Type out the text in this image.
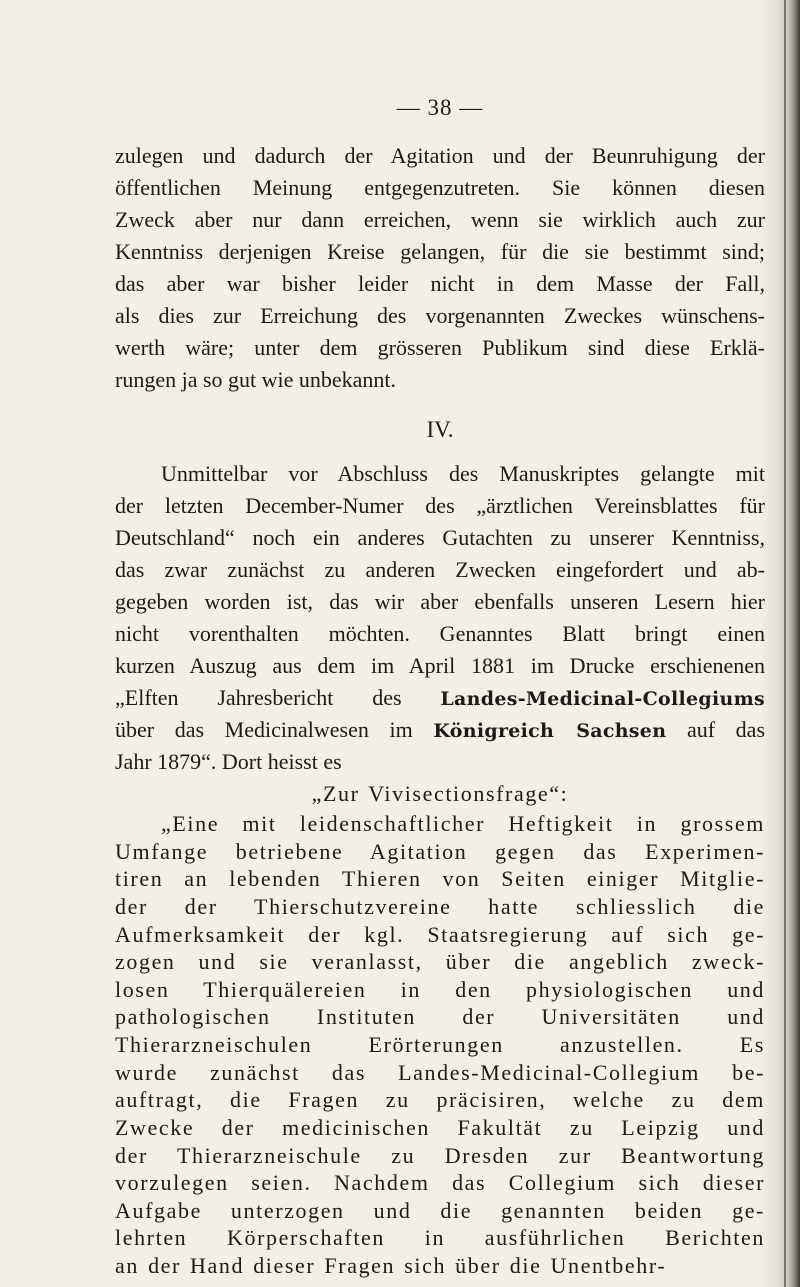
— 38 —
zulegen und dadurch der Agitation und der Beunruhigung der
öffentlichen Meinung entgegenzutreten. Sie können diesen
Zweck aber nur dann erreichen, wenn sie wirklich auch zur
Kenntniss derjenigen Kreise gelangen, für die sie bestimmt sind;
das aber war bisher leider nicht in dem Masse der Fall,
als dies zur Erreichung des vorgenannten Zweckes wünschens-
werth wäre; unter dem grösseren Publikum sind diese Erklä-
rungen ja so gut wie unbekannt.
IV.
Unmittelbar vor Abschluss des Manuskriptes gelangte mit
der letzten December-Numer des „ärztlichen Vereinsblattes für
Deutschland“ noch ein anderes Gutachten zu unserer Kenntniss,
das zwar zunächst zu anderen Zwecken eingefordert und ab-
gegeben worden ist, das wir aber ebenfalls unseren Lesern hier
nicht vorenthalten möchten. Genanntes Blatt bringt einen
kurzen Auszug aus dem im April 1881 im Drucke erschienenen
„Elften Jahresbericht des Landes-Medicinal-Collegiums
über das Medicinalwesen im Königreich Sachsen auf das
Jahr 1879“. Dort heisst es
„Zur Vivisectionsfrage“:
„Eine mit leidenschaftlicher Heftigkeit in grossem
Umfange betriebene Agitation gegen das Experimen-
tiren an lebenden Thieren von Seiten einiger Mitglie-
der der Thierschutzvereine hatte schliesslich die
Aufmerksamkeit der kgl. Staatsregierung auf sich ge-
zogen und sie veranlasst, über die angeblich zweck-
losen Thierquälereien in den physiologischen und
pathologischen Instituten der Universitäten und
Thierarzneischulen Erörterungen anzustellen. Es
wurde zunächst das Landes-Medicinal-Collegium be-
auftragt, die Fragen zu präcisiren, welche zu dem
Zwecke der medicinischen Fakultät zu Leipzig und
der Thierarzneischule zu Dresden zur Beantwortung
vorzulegen seien. Nachdem das Collegium sich dieser
Aufgabe unterzogen und die genannten beiden ge-
lehrten Körperschaften in ausführlichen Berichten
an der Hand dieser Fragen sich über die Unentbehr-
